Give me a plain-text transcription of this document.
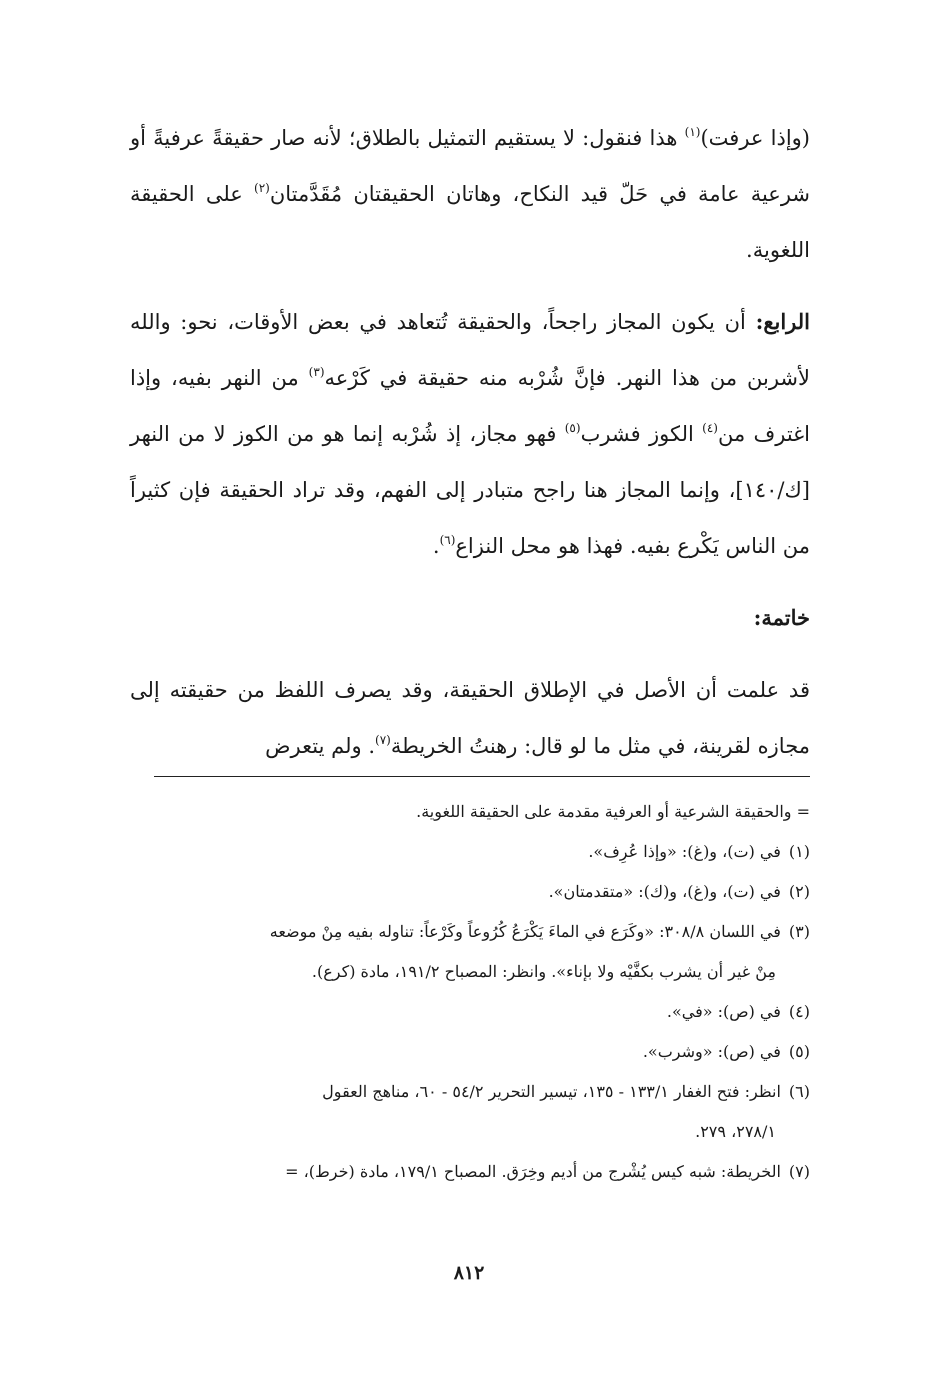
(وإذا عرفت)$^{(١)}$ هذا فنقول: لا يستقيم التمثيل بالطلاق؛ لأنه صار حقيقةً عرفيةً أو شرعية عامة في حَلّ قيد النكاح، وهاتان الحقيقتان مُقَدَّمتان$^{(٢)}$ على الحقيقة اللغوية.

الرابع: أن يكون المجاز راجحاً، والحقيقة تُتعاهد في بعض الأوقات، نحو: والله لأشربن من هذا النهر. فإنَّ شُرْبه منه حقيقة في كَرْعه$^{(٣)}$ من النهر بفيه، وإذا اغترف من$^{(٤)}$ الكوز فشرب$^{(٥)}$ فهو مجاز، إذ شُرْبه إنما هو من الكوز لا من النهر [ك/١٤٠]، وإنما المجاز هنا راجح متبادر إلى الفهم، وقد تراد الحقيقة فإن كثيراً من الناس يَكْرع بفيه. فهذا هو محل النزاع$^{(٦)}$.

خاتمة:

قد علمت أن الأصل في الإطلاق الحقيقة، وقد يصرف اللفظ من حقيقته إلى مجازه لقرينة، في مثل ما لو قال: رهنتُ الخريطة$^{(٧)}$. ولم يتعرض

= والحقيقة الشرعية أو العرفية مقدمة على الحقيقة اللغوية.

(١)في (ت)، و(غ): «وإذا عُرِف».

(٢)في (ت)، و(غ)، و(ك): «متقدمتان».

(٣)في اللسان ٣٠٨/٨: «وكَرَع في الماءَ يَكْرَعُ كُرُوعاً وكَرْعاً: تناوله بفيه مِنْ موضعه

مِنْ غير أن يشرب بكفَّيْه ولا بإناء». وانظر: المصباح ١٩١/٢، مادة (كرع).

(٤)في (ص): «في».

(٥)في (ص): «وشرب».

(٦)انظر: فتح الغفار ١٣٣/١ - ١٣٥، تيسير التحرير ٥٤/٢ - ٦٠، مناهج العقول

٢٧٨/١، ٢٧٩.

(٧)الخريطة: شبه كيس يُشْرج من أديم وخِرَق. المصباح ١٧٩/١، مادة (خرط)، =

٨١٢
